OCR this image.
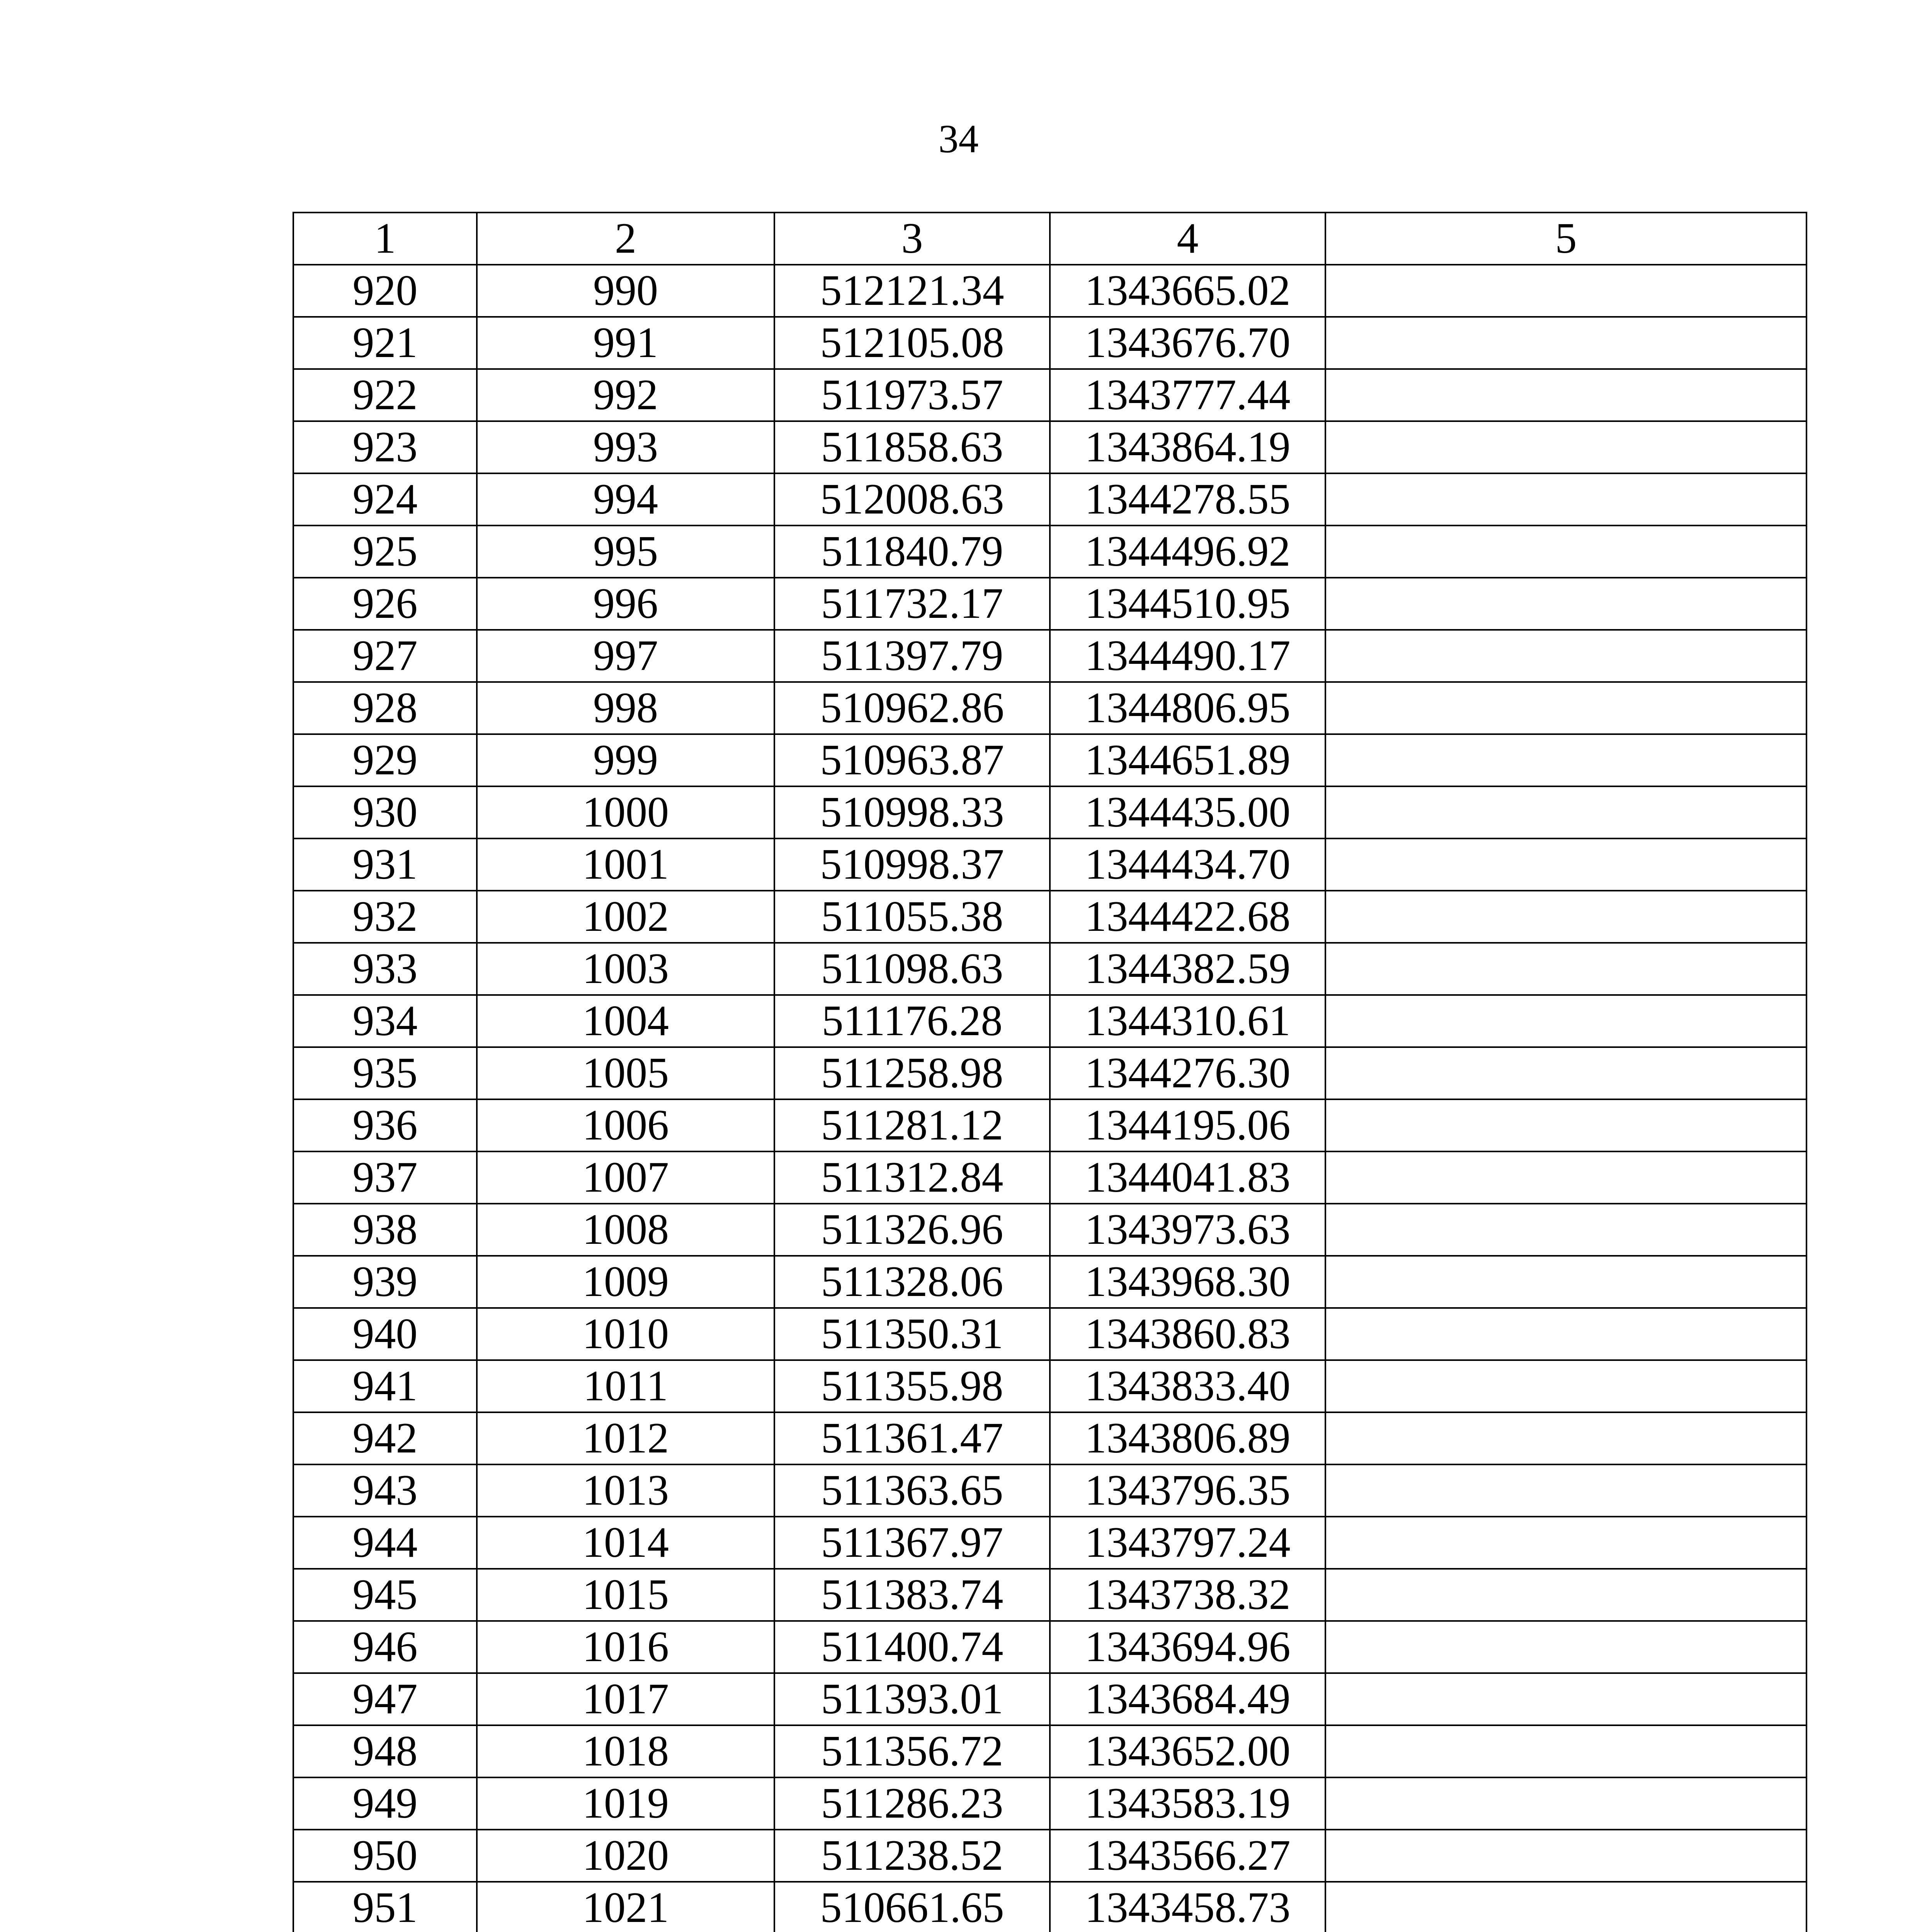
34
1	2	3	4	5
920	990	512121.34	1343665.02	
921	991	512105.08	1343676.70	
922	992	511973.57	1343777.44	
923	993	511858.63	1343864.19	
924	994	512008.63	1344278.55	
925	995	511840.79	1344496.92	
926	996	511732.17	1344510.95	
927	997	511397.79	1344490.17	
928	998	510962.86	1344806.95	
929	999	510963.87	1344651.89	
930	1000	510998.33	1344435.00	
931	1001	510998.37	1344434.70	
932	1002	511055.38	1344422.68	
933	1003	511098.63	1344382.59	
934	1004	511176.28	1344310.61	
935	1005	511258.98	1344276.30	
936	1006	511281.12	1344195.06	
937	1007	511312.84	1344041.83	
938	1008	511326.96	1343973.63	
939	1009	511328.06	1343968.30	
940	1010	511350.31	1343860.83	
941	1011	511355.98	1343833.40	
942	1012	511361.47	1343806.89	
943	1013	511363.65	1343796.35	
944	1014	511367.97	1343797.24	
945	1015	511383.74	1343738.32	
946	1016	511400.74	1343694.96	
947	1017	511393.01	1343684.49	
948	1018	511356.72	1343652.00	
949	1019	511286.23	1343583.19	
950	1020	511238.52	1343566.27	
951	1021	510661.65	1343458.73	
